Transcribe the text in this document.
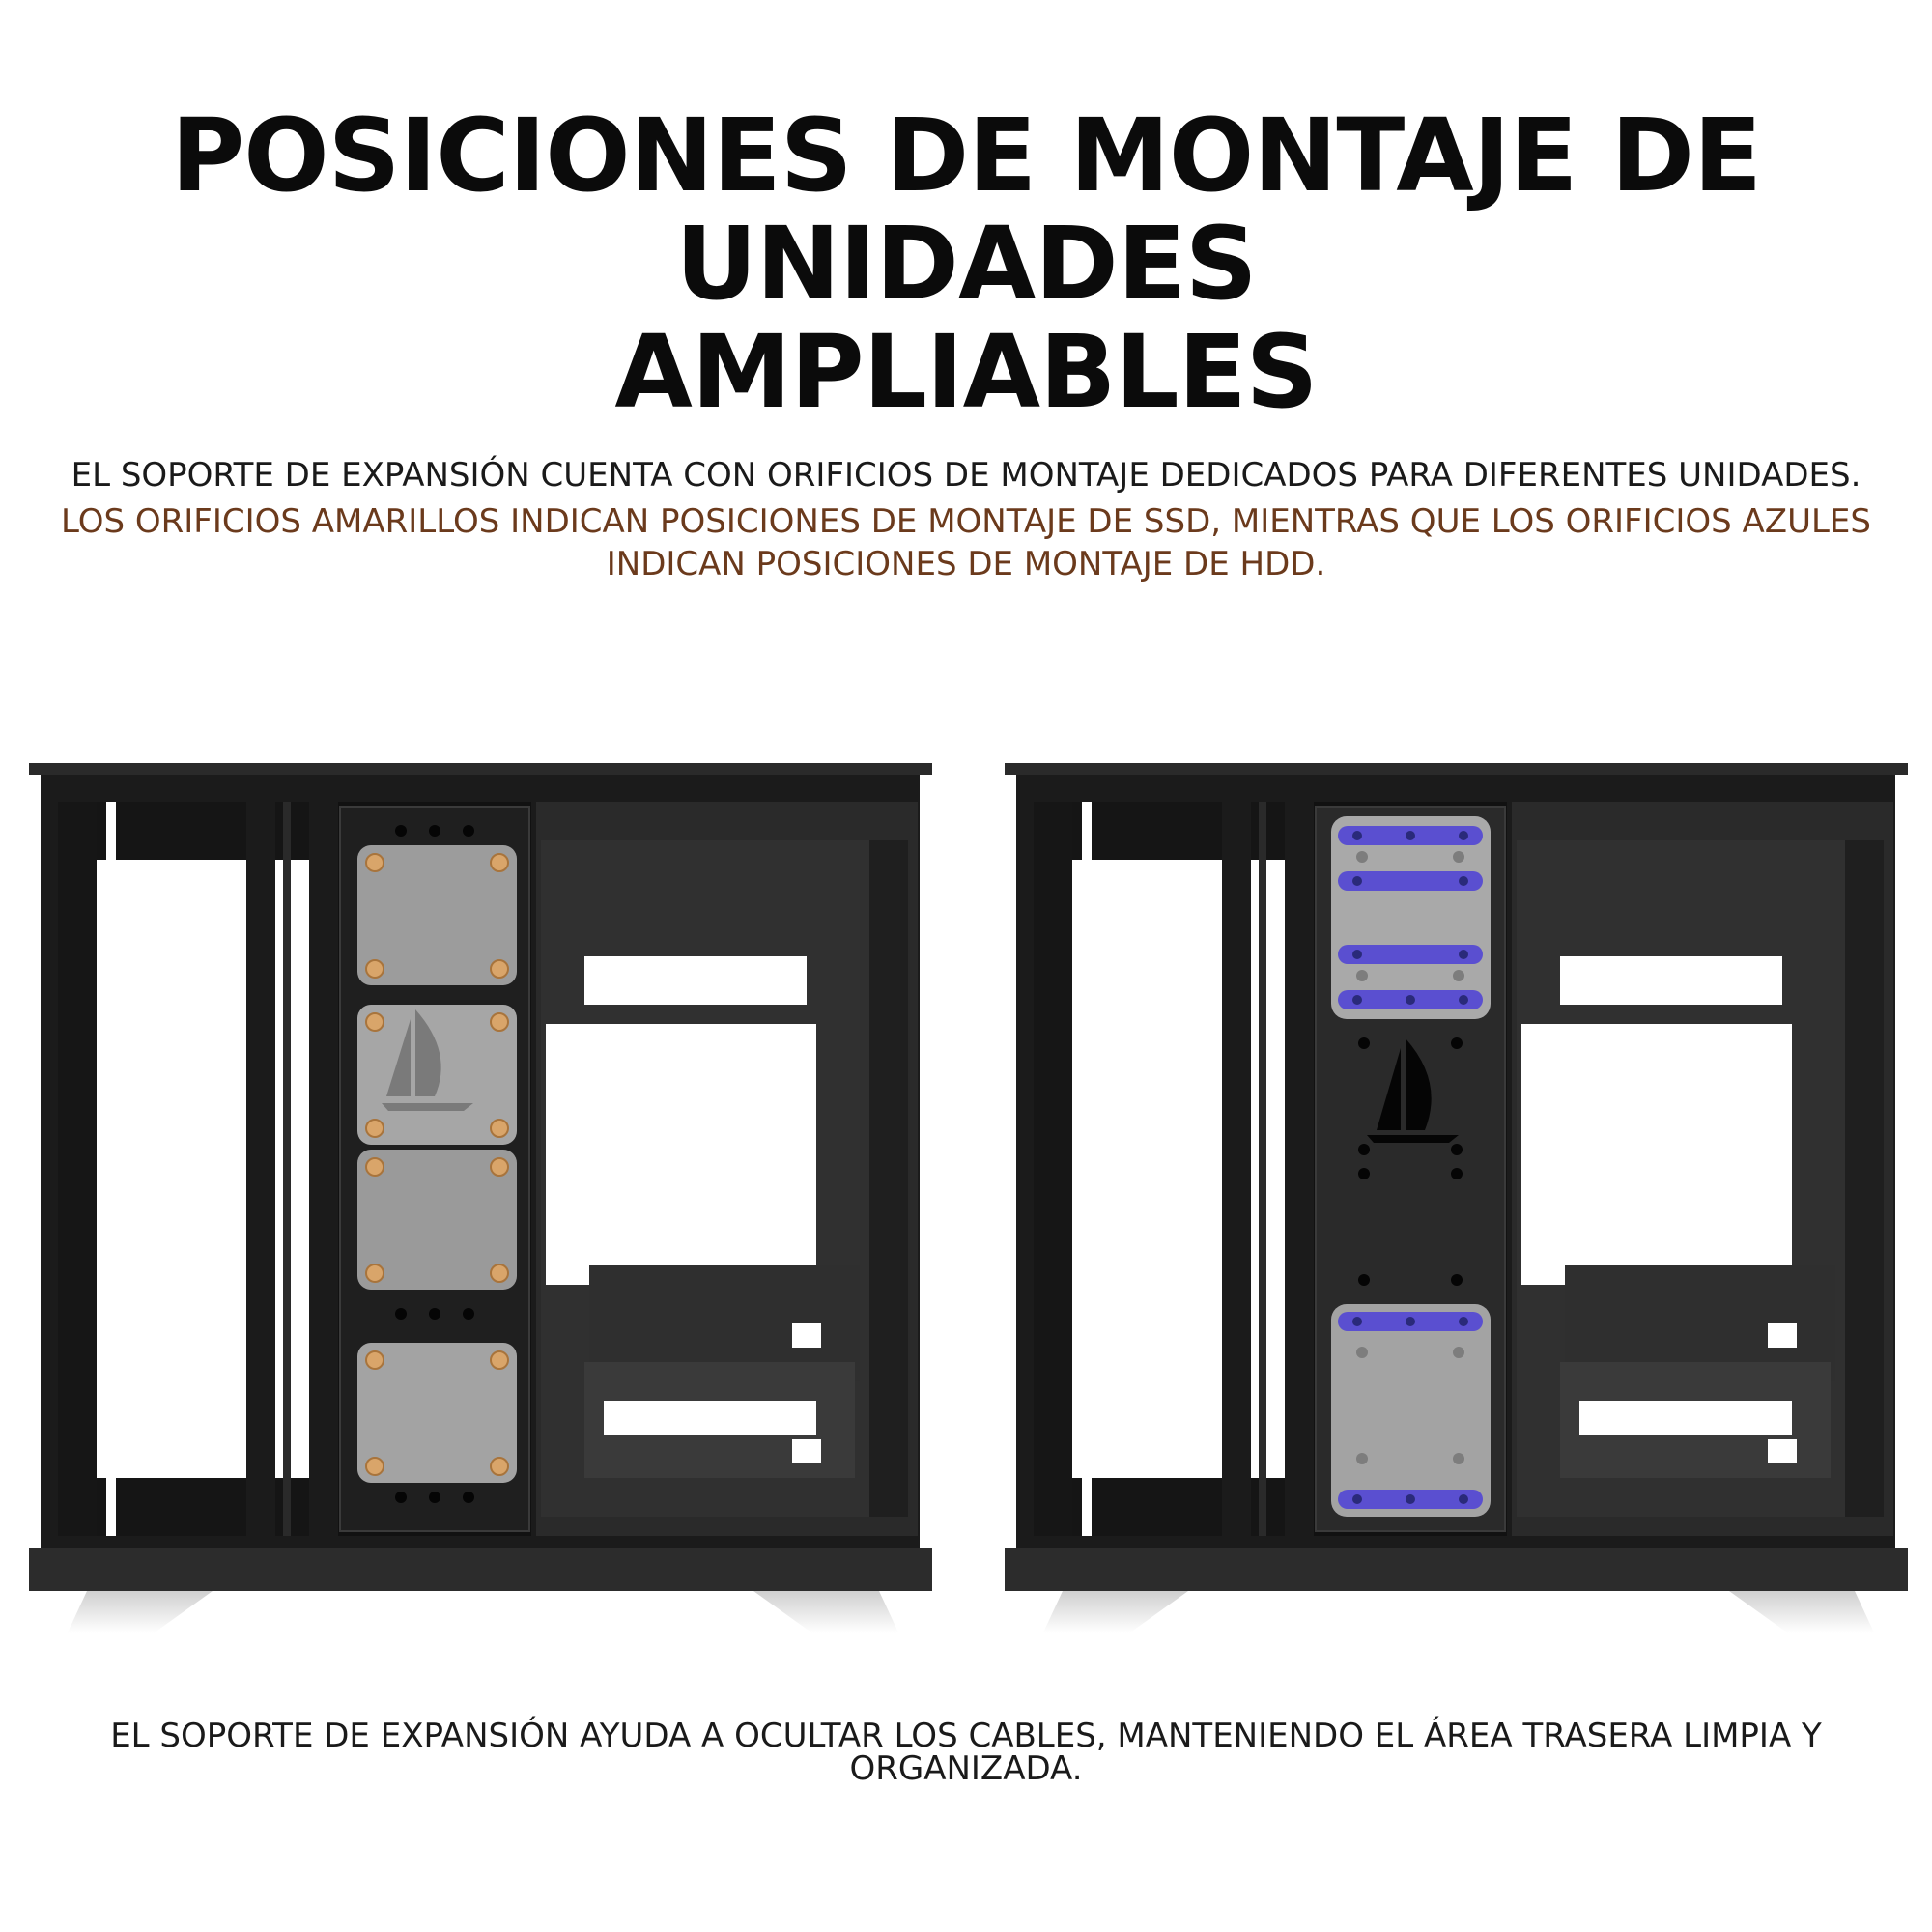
POSICIONES DE MONTAJE DE UNIDADES
AMPLIABLES

EL SOPORTE DE EXPANSIÓN CUENTA CON ORIFICIOS DE MONTAJE DEDICADOS PARA DIFERENTES UNIDADES.

LOS ORIFICIOS AMARILLOS INDICAN POSICIONES DE MONTAJE DE SSD, MIENTRAS QUE LOS ORIFICIOS AZULES INDICAN POSICIONES DE MONTAJE DE HDD.

EL SOPORTE DE EXPANSIÓN AYUDA A OCULTAR LOS CABLES, MANTENIENDO EL ÁREA TRASERA LIMPIA Y ORGANIZADA.
